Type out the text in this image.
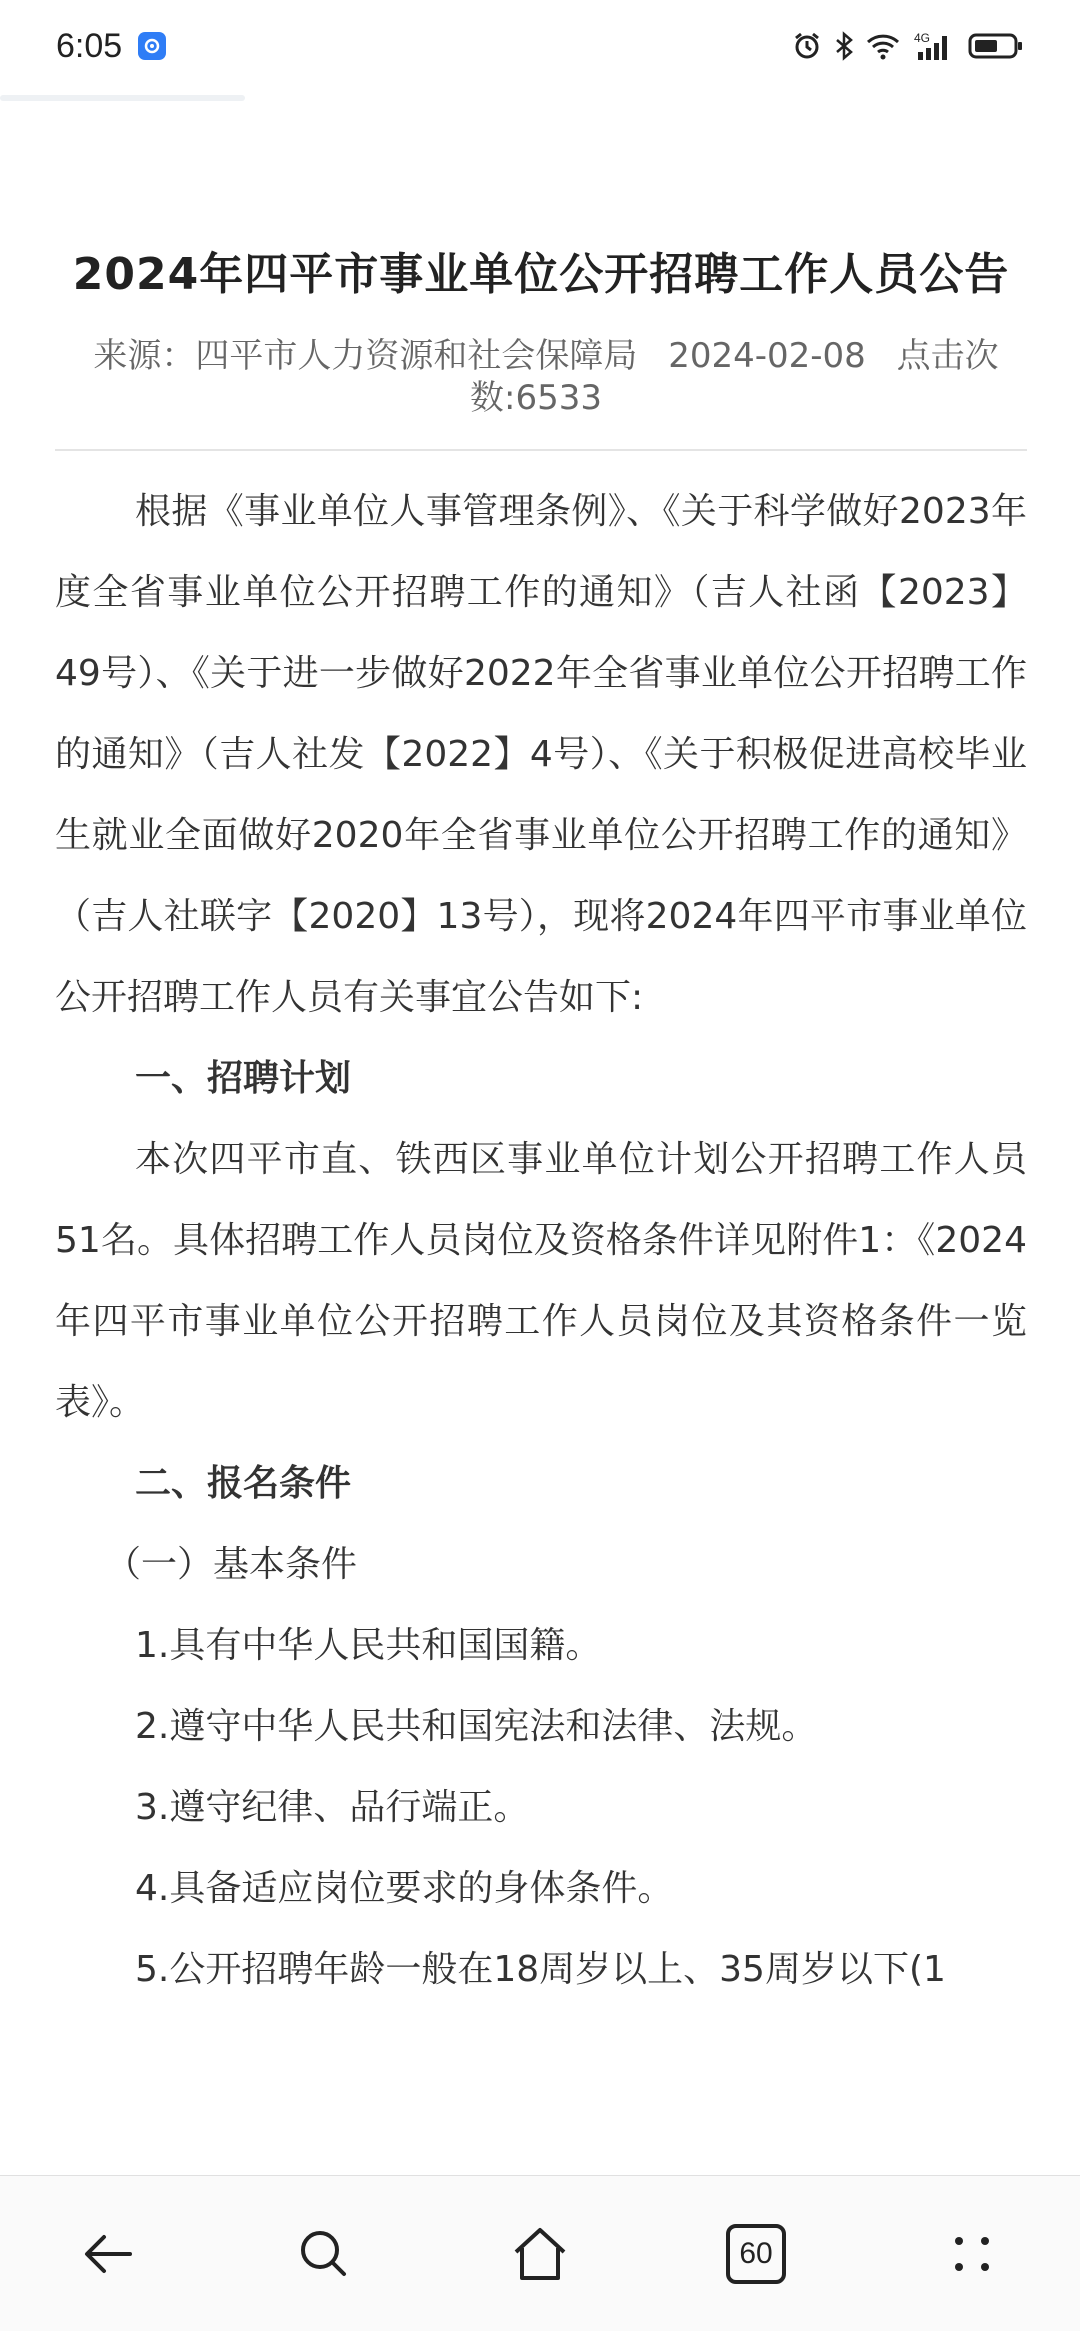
6:05	4G
2024年四平市事业单位公开招聘工作人员公告
来源：四平市人力资源和社会保障局 2024-02-08 点击次数:6533

根据《事业单位人事管理条例》、《关于科学做好2023年度全省事业单位公开招聘工作的通知》（吉人社函【2023】49号）、《关于进一步做好2022年全省事业单位公开招聘工作的通知》（吉人社发【2022】4号）、《关于积极促进高校毕业生就业全面做好2020年全省事业单位公开招聘工作的通知》（吉人社联字【2020】13号），现将2024年四平市事业单位公开招聘工作人员有关事宜公告如下:

一、招聘计划

本次四平市直、铁西区事业单位计划公开招聘工作人员51名。具体招聘工作人员岗位及资格条件详见附件1：《2024年四平市事业单位公开招聘工作人员岗位及其资格条件一览表》。

二、报名条件

（一）基本条件

1.具有中华人民共和国国籍。

2.遵守中华人民共和国宪法和法律、法规。

3.遵守纪律、品行端正。

4.具备适应岗位要求的身体条件。

5.公开招聘年龄一般在18周岁以上、35周岁以下(1

60
